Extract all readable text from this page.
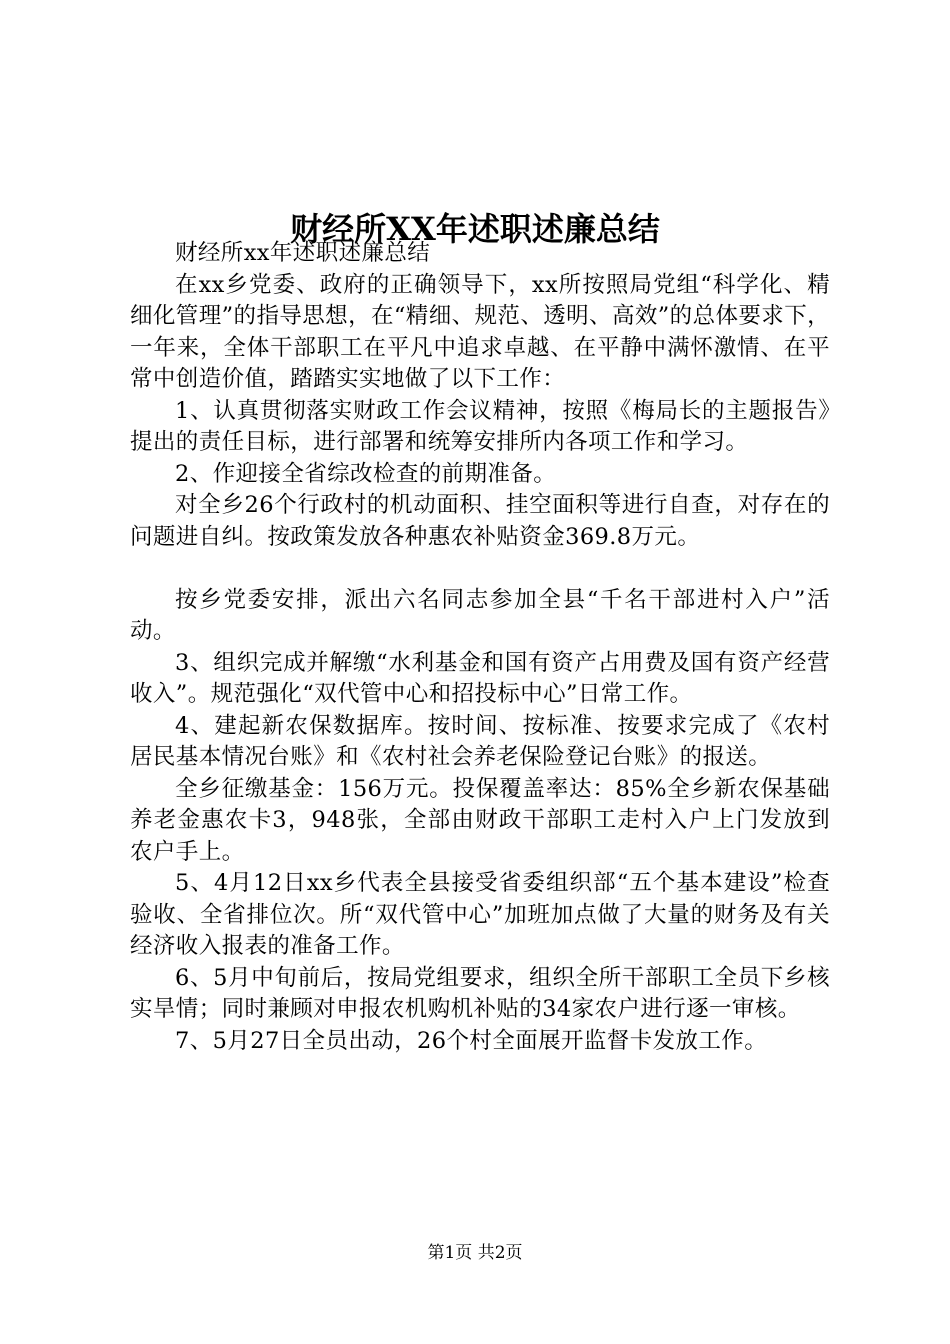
财经所XX年述职述廉总结

财经所xx年述职述廉总结

在xx乡党委、政府的正确领导下，xx所按照局党组“科学化、精细化管理”的指导思想，在“精细、规范、透明、高效”的总体要求下，一年来，全体干部职工在平凡中追求卓越、在平静中满怀激情、在平常中创造价值，踏踏实实地做了以下工作：

1、认真贯彻落实财政工作会议精神，按照《梅局长的主题报告》提出的责任目标，进行部署和统筹安排所内各项工作和学习。

2、作迎接全省综改检查的前期准备。

对全乡26个行政村的机动面积、挂空面积等进行自查，对存在的问题进自纠。按政策发放各种惠农补贴资金369.8万元。

按乡党委安排，派出六名同志参加全县“千名干部进村入户”活动。

3、组织完成并解缴“水利基金和国有资产占用费及国有资产经营收入”。规范强化“双代管中心和招投标中心”日常工作。

4、建起新农保数据库。按时间、按标准、按要求完成了《农村居民基本情况台账》和《农村社会养老保险登记台账》的报送。

全乡征缴基金：156万元。投保覆盖率达：85%全乡新农保基础养老金惠农卡3，948张，全部由财政干部职工走村入户上门发放到农户手上。

5、4月12日xx乡代表全县接受省委组织部“五个基本建设”检查验收、全省排位次。所“双代管中心”加班加点做了大量的财务及有关经济收入报表的准备工作。

6、5月中旬前后，按局党组要求，组织全所干部职工全员下乡核实旱情；同时兼顾对申报农机购机补贴的34家农户进行逐一审核。

7、5月27日全员出动，26个村全面展开监督卡发放工作。

第1页 共2页
